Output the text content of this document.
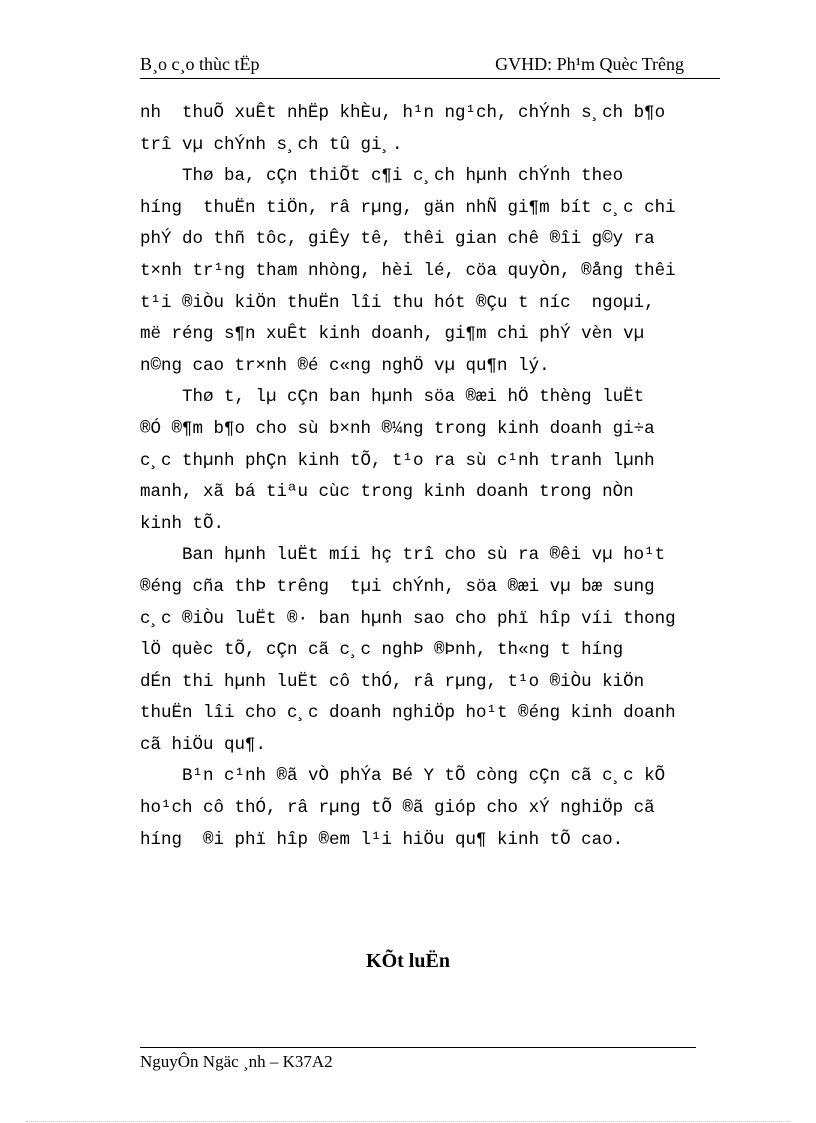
B¸o c¸o thùc tËp	GVHD: Ph¹m Quèc Trêng
nh  thuÕ xuÊt nhËp khÈu, h¹n ng¹ch, chÝnh s¸ch b¶o
trî vµ chÝnh s¸ch tû gi¸.
Thø ba, cÇn thiÕt c¶i c¸ch hµnh chÝnh theo
híng  thuËn tiÖn, râ rµng, gän nhÑ gi¶m bít c¸c chi
phÝ do thñ tôc, giÊy tê, thêi gian chê ®îi g©y ra
t×nh tr¹ng tham nhòng, hèi lé, cöa quyÒn, ®ång thêi
t¹i ®iÒu kiÖn thuËn lîi thu hót ®Çu t níc  ngoµi,
më réng s¶n xuÊt kinh doanh, gi¶m chi phÝ vèn vµ
n©ng cao tr×nh ®é c«ng nghÖ vµ qu¶n lý.
Thø t, lµ cÇn ban hµnh söa ®æi hÖ thèng luËt
®Ó ®¶m b¶o cho sù b×nh ®¼ng trong kinh doanh gi÷a
c¸c thµnh phÇn kinh tÕ, t¹o ra sù c¹nh tranh lµnh
manh, xã bá tiªu cùc trong kinh doanh trong nÒn
kinh tÕ.
Ban hµnh luËt míi hç trî cho sù ra ®êi vµ ho¹t
®éng cña thÞ trêng  tµi chÝnh, söa ®æi vµ bæ sung
c¸c ®iÒu luËt ®· ban hµnh sao cho phï hîp víi thong
lÖ quèc tÕ, cÇn cã c¸c nghÞ ®Þnh, th«ng t híng
dÉn thi hµnh luËt cô thÓ, râ rµng, t¹o ®iÒu kiÖn
thuËn lîi cho c¸c doanh nghiÖp ho¹t ®éng kinh doanh
cã hiÖu qu¶.
B¹n c¹nh ®ã vÒ phÝa Bé Y tÕ còng cÇn cã c¸c kÕ
ho¹ch cô thÓ, râ rµng tÕ ®ã gióp cho xÝ nghiÖp cã
híng  ®i phï hîp ®em l¹i hiÖu qu¶ kinh tÕ cao.
KÕt luËn
NguyÔn Ngäc ¸nh – K37A2
